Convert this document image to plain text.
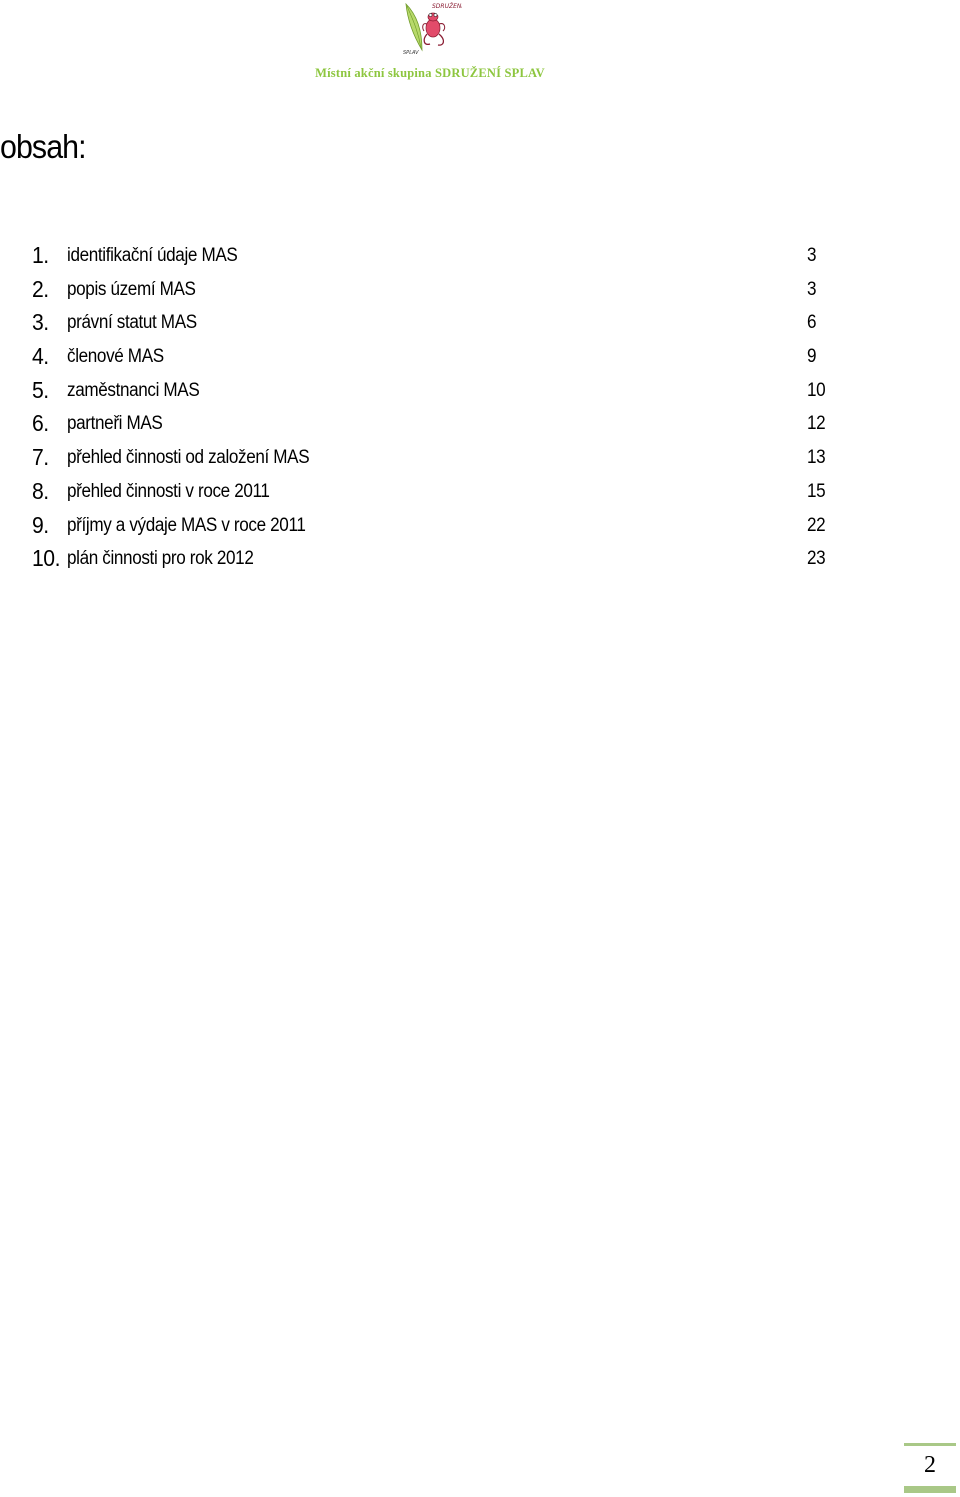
SDRUŽENÍ
SPLAV
Místní akční skupina SDRUŽENÍ SPLAV
obsah:
1. identifikační údaje MAS	3
2. popis území MAS	3
3. právní statut MAS	6
4. členové MAS	9
5. zaměstnanci MAS	10
6. partneři MAS	12
7. přehled činnosti od založení MAS	13
8. přehled činnosti v roce 2011	15
9. příjmy a výdaje MAS v roce 2011	22
10. plán činnosti pro rok 2012	23
2
